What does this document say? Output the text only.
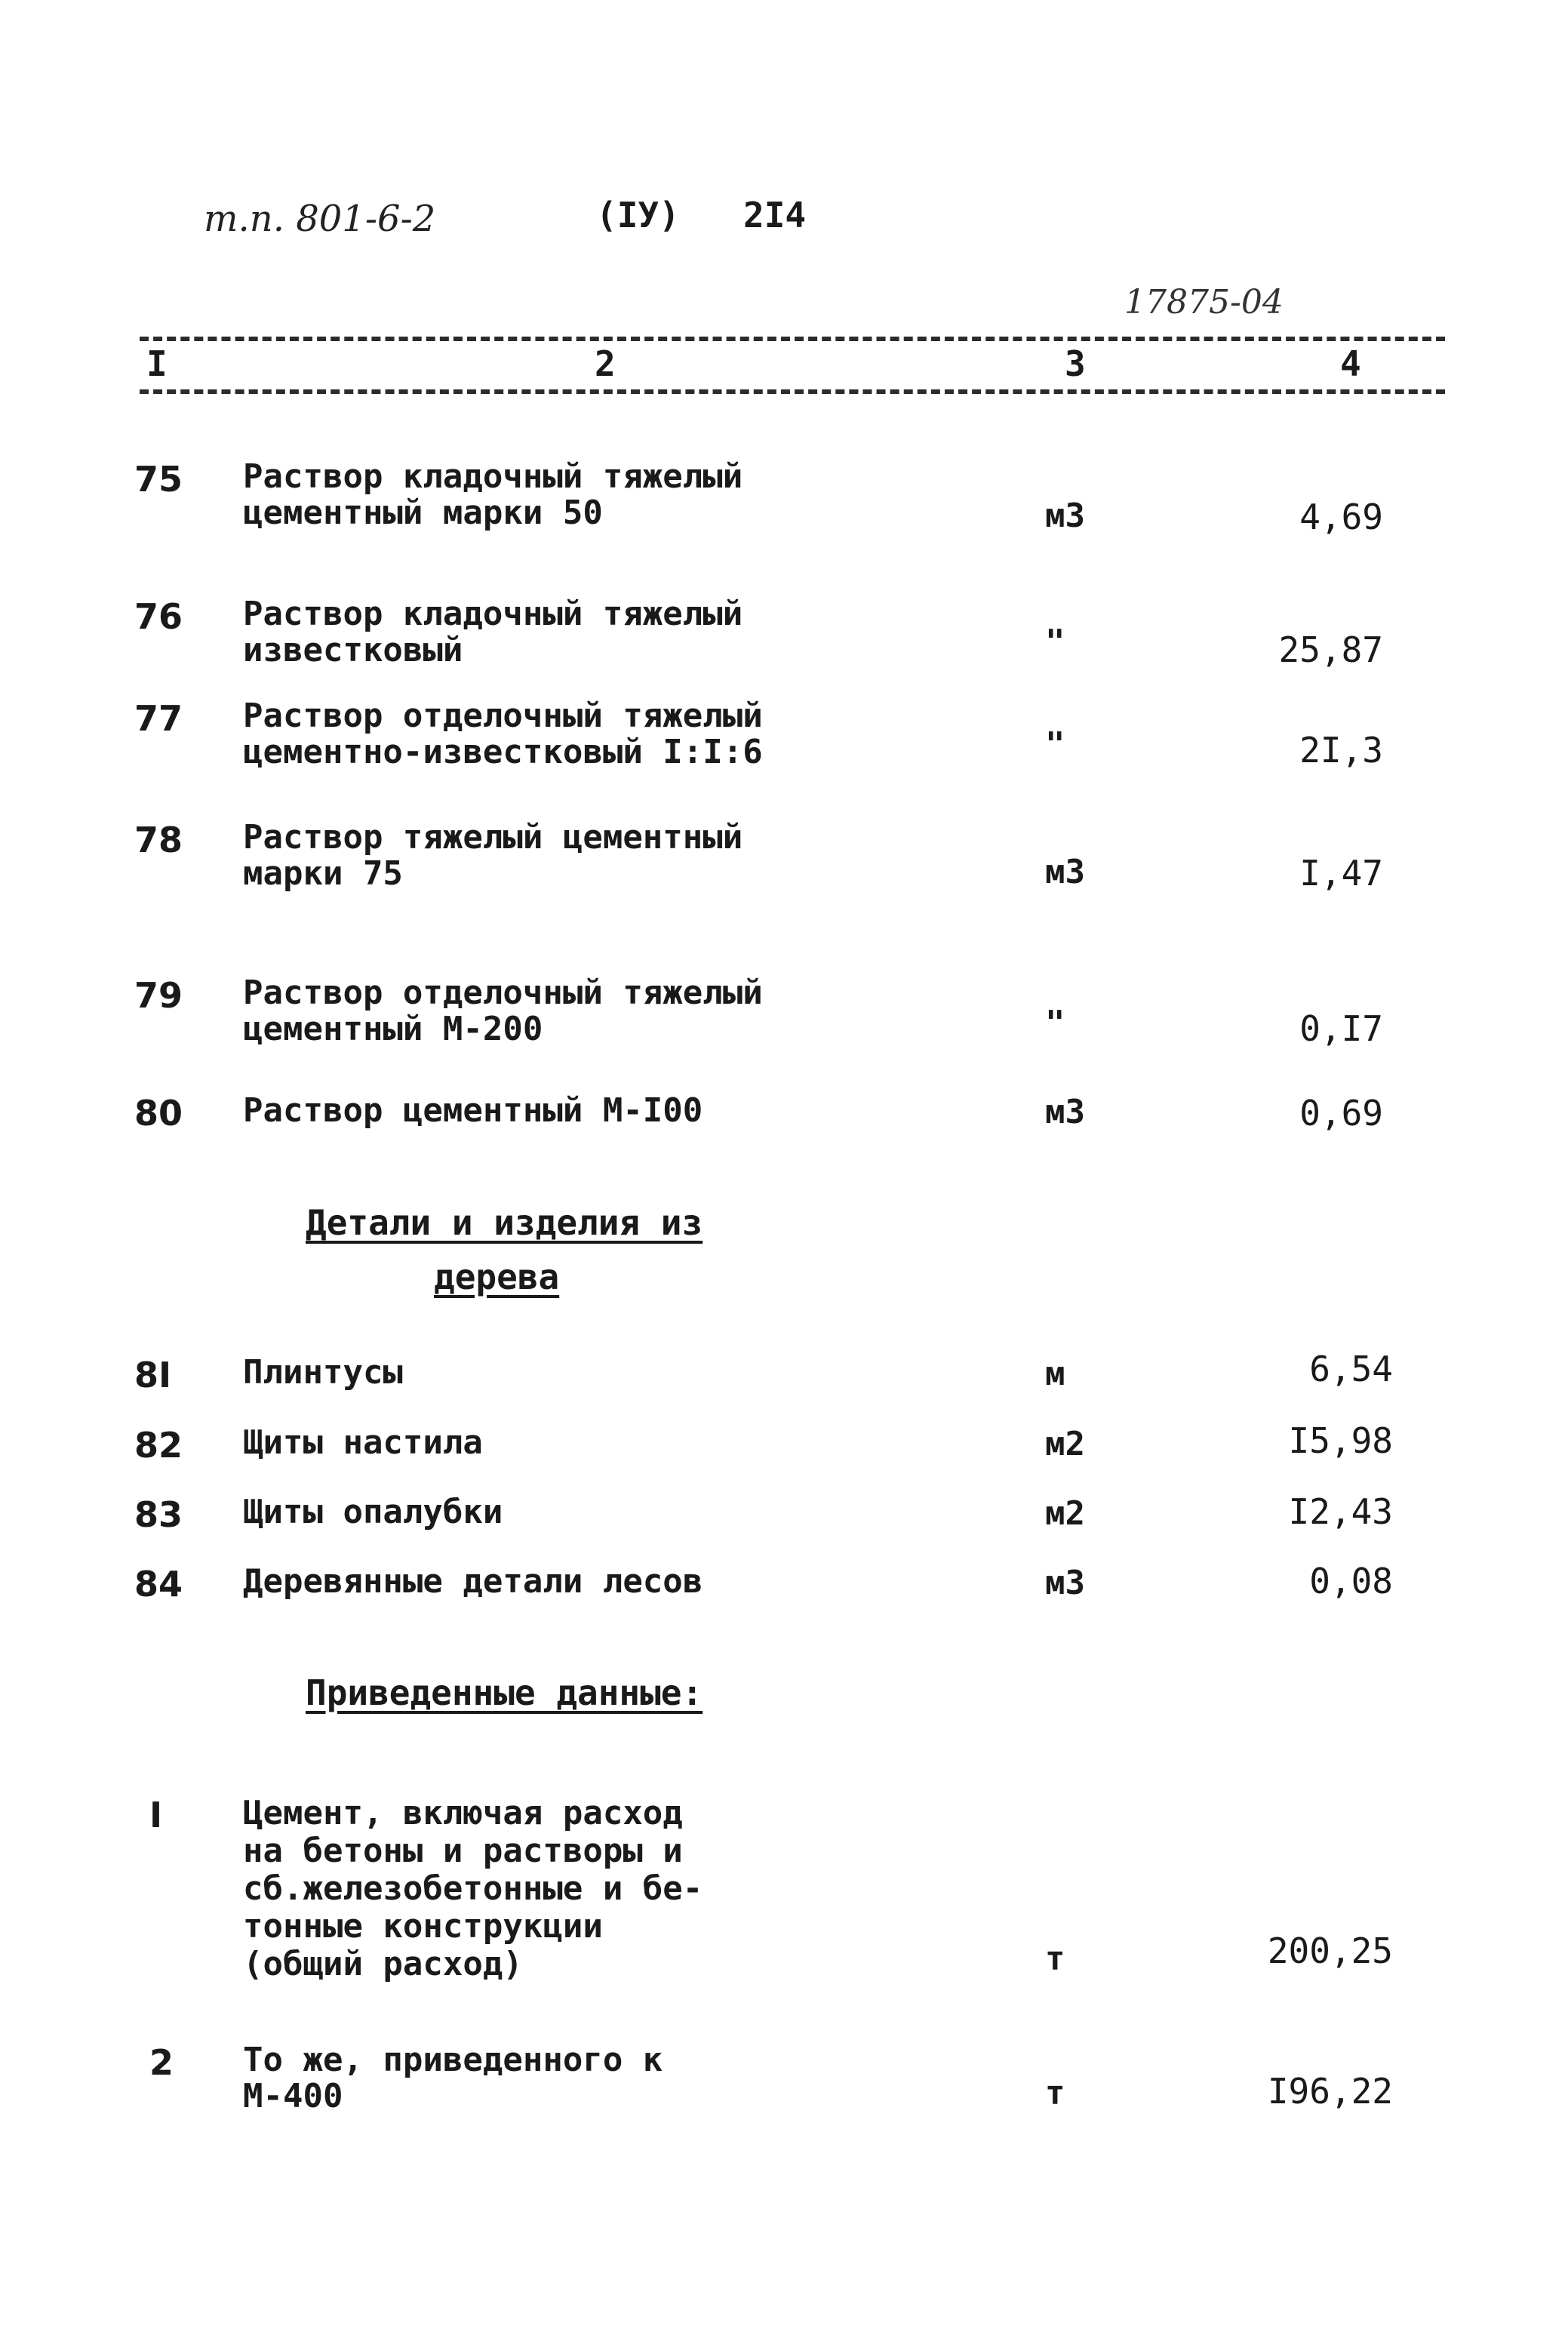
т.п. 801-6-2	(IУ) 2I4
17875-04
I	2	3	4
75	Раствор кладочный тяжелый
цементный марки 50	м3	4,69
76	Раствор кладочный тяжелый
известковый	"	25,87
77	Раствор отделочный тяжелый
цементно-известковый I:I:6	"	2I,3
78	Раствор тяжелый цементный
марки 75	м3	I,47
79	Раствор отделочный тяжелый
цементный М-200	"	0,I7
80	Раствор цементный М-I00	м3	0,69
Детали и изделия из
дерева
8I	Плинтусы	м	6,54
82	Щиты настила	м2	I5,98
83	Щиты опалубки	м2	I2,43
84	Деревянные детали лесов	м3	0,08
Приведенные данные:
I	Цемент, включая расход
на бетоны и растворы и
сб.железобетонные и бе-
тонные конструкции
(общий расход)	т	200,25
2	То же, приведенного к
М-400	т	I96,22
